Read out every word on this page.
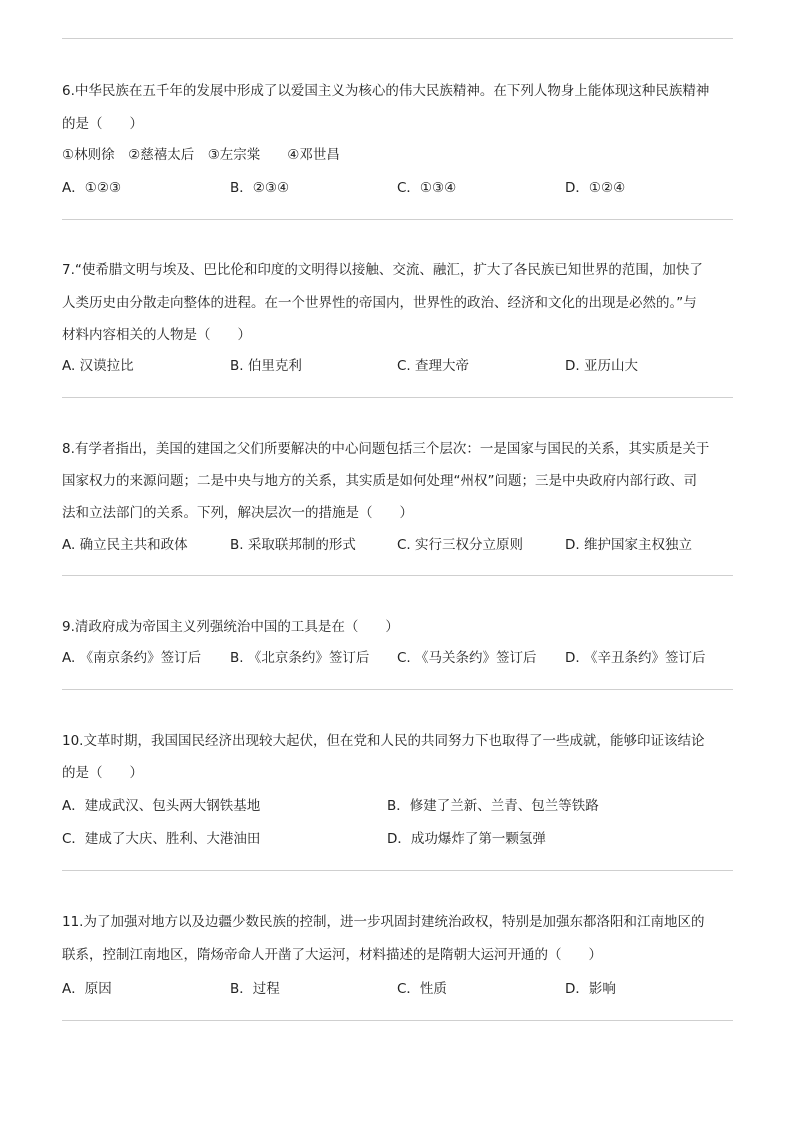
6.中华民族在五千年的发展中形成了以爱国主义为核心的伟大民族精神。在下列人物身上能体现这种民族精神
的是（　　）
①林则徐　②慈禧太后　③左宗棠　　④邓世昌
A．①②③	B．②③④	C．①③④	D．①②④
7.“使希腊文明与埃及、巴比伦和印度的文明得以接触、交流、融汇，扩大了各民族已知世界的范围，加快了
人类历史由分散走向整体的进程。在一个世界性的帝国内，世界性的政治、经济和文化的出现是必然的。”与
材料内容相关的人物是（　　）
A. 汉谟拉比	B. 伯里克利	C. 查理大帝	D. 亚历山大
8.有学者指出，美国的建国之父们所要解决的中心问题包括三个层次：一是国家与国民的关系，其实质是关于
国家权力的来源问题；二是中央与地方的关系，其实质是如何处理“州权”问题；三是中央政府内部行政、司
法和立法部门的关系。下列，解决层次一的措施是（　　）
A. 确立民主共和政体	B. 采取联邦制的形式	C. 实行三权分立原则	D. 维护国家主权独立
9.清政府成为帝国主义列强统治中国的工具是在（　　）
A. 《南京条约》签订后 B. 《北京条约》签订后 C. 《马关条约》签订后 D. 《辛丑条约》签订后
10.文革时期，我国国民经济出现较大起伏，但在党和人民的共同努力下也取得了一些成就，能够印证该结论
的是（　　）
A．建成武汉、包头两大钢铁基地	B．修建了兰新、兰青、包兰等铁路
C．建成了大庆、胜利、大港油田	D．成功爆炸了第一颗氢弹
11.为了加强对地方以及边疆少数民族的控制，进一步巩固封建统治政权，特别是加强东都洛阳和江南地区的
联系，控制江南地区，隋炀帝命人开凿了大运河，材料描述的是隋朝大运河开通的（　　）
A．原因	B．过程	C．性质	D．影响
